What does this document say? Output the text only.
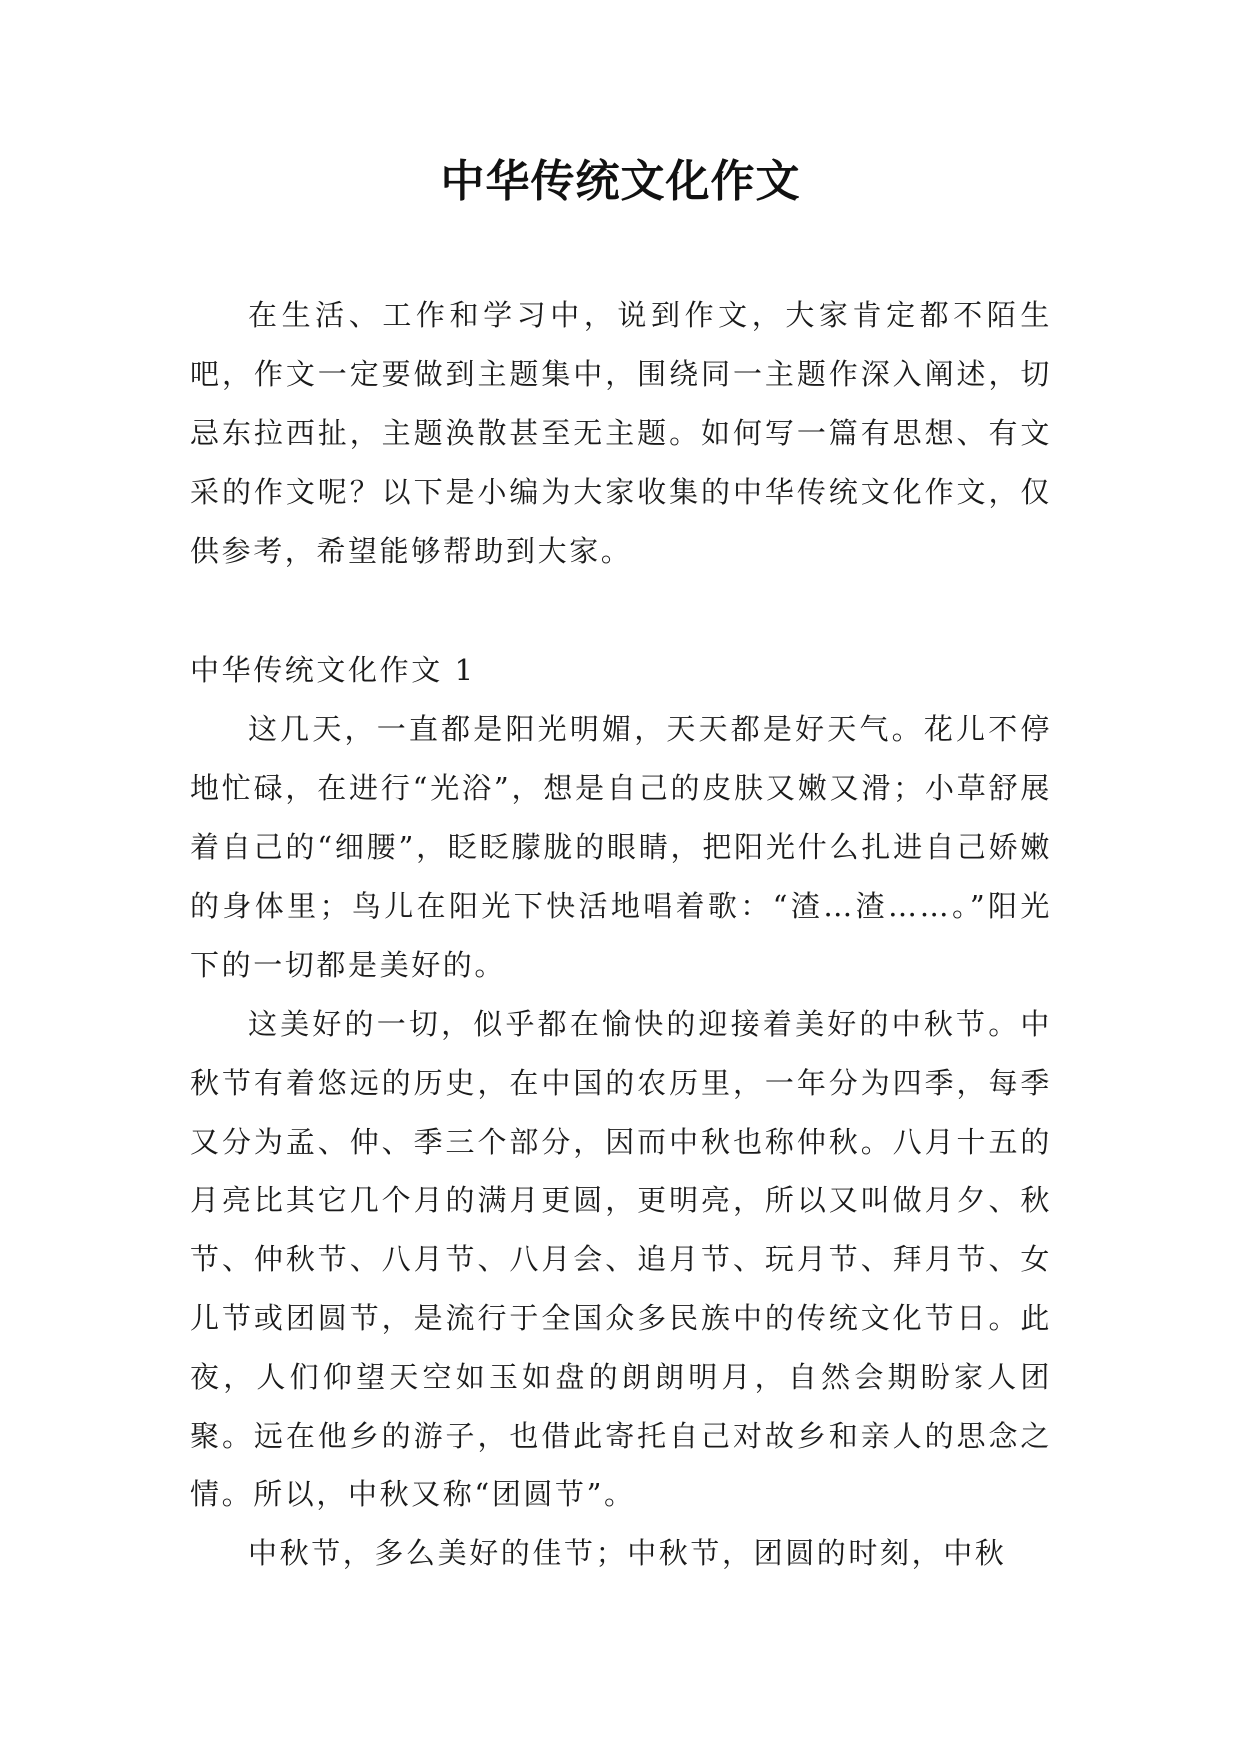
中华传统文化作文

在生活、工作和学习中，说到作文，大家肯定都不陌生吧，作文一定要做到主题集中，围绕同一主题作深入阐述，切忌东拉西扯，主题涣散甚至无主题。如何写一篇有思想、有文采的作文呢？以下是小编为大家收集的中华传统文化作文，仅供参考，希望能够帮助到大家。

中华传统文化作文 1

这几天，一直都是阳光明媚，天天都是好天气。花儿不停地忙碌，在进行“光浴”，想是自己的皮肤又嫩又滑；小草舒展着自己的“细腰”，眨眨朦胧的眼睛，把阳光什么扎进自己娇嫩的身体里；鸟儿在阳光下快活地唱着歌：“渣…渣……。”阳光下的一切都是美好的。

这美好的一切，似乎都在愉快的迎接着美好的中秋节。中秋节有着悠远的历史，在中国的农历里，一年分为四季，每季又分为孟、仲、季三个部分，因而中秋也称仲秋。八月十五的月亮比其它几个月的满月更圆，更明亮，所以又叫做月夕、秋节、仲秋节、八月节、八月会、追月节、玩月节、拜月节、女儿节或团圆节，是流行于全国众多民族中的传统文化节日。此夜，人们仰望天空如玉如盘的朗朗明月，自然会期盼家人团聚。远在他乡的游子，也借此寄托自己对故乡和亲人的思念之情。所以，中秋又称“团圆节”。

中秋节，多么美好的佳节；中秋节，团圆的时刻，中秋
